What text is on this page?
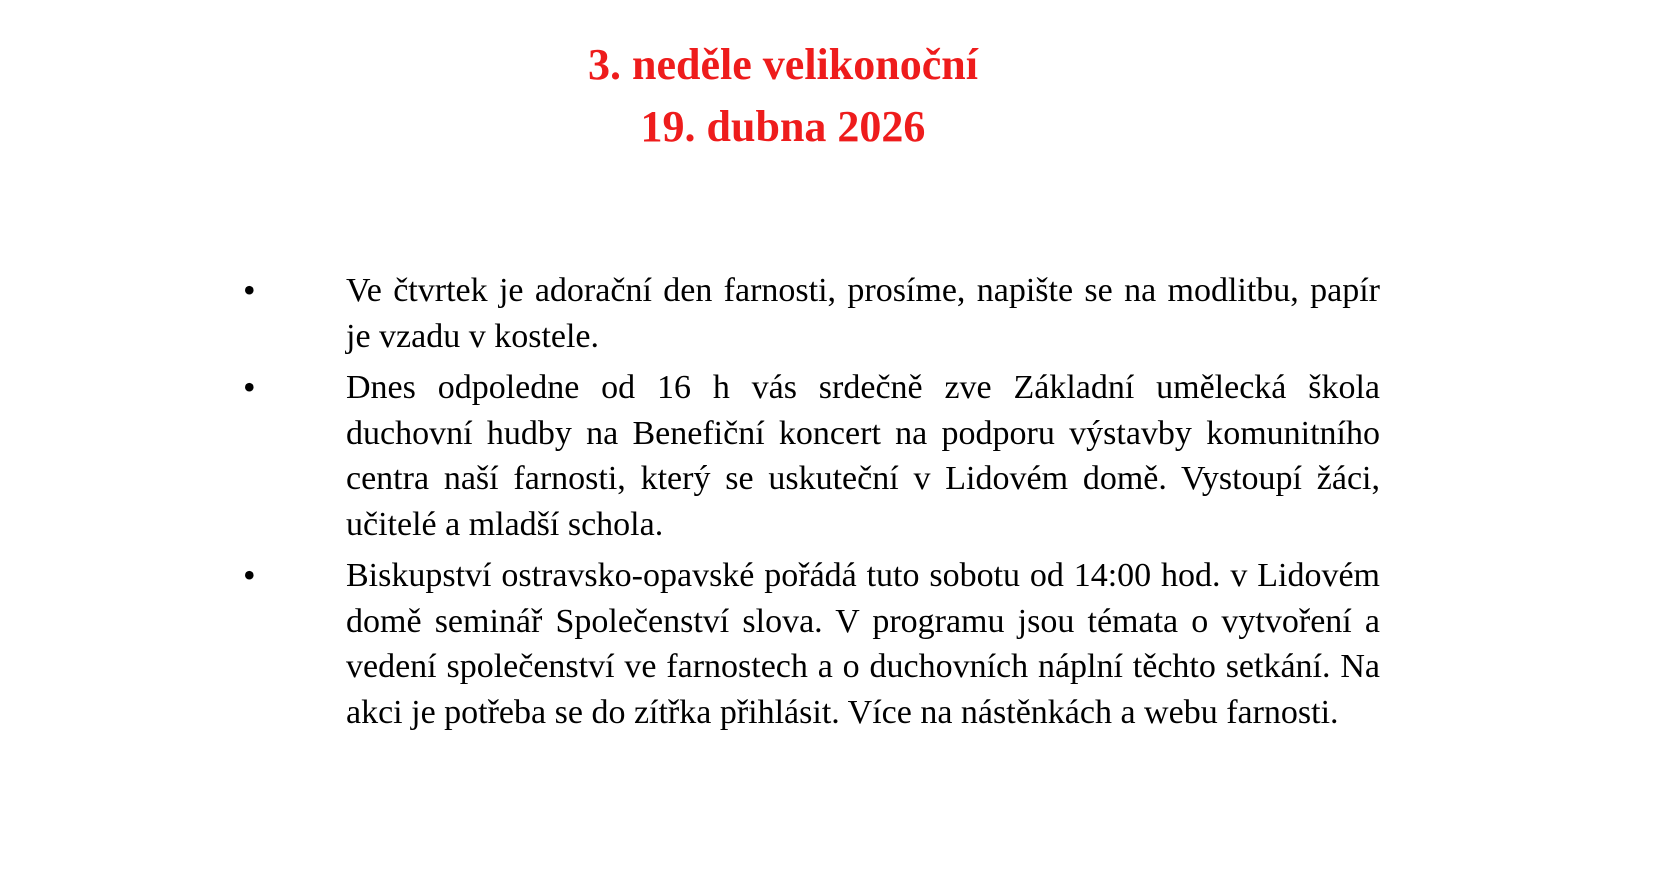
3. neděle velikonoční
19. dubna 2026
•	Ve čtvrtek je adorační den farnosti, prosíme, napište se na modlitbu, papír je vzadu v kostele.
•	Dnes odpoledne od 16 h vás srdečně zve Základní umělecká škola duchovní hudby na Benefiční koncert na podporu výstavby komunitního centra naší farnosti, který se uskuteční v Lidovém domě. Vystoupí žáci, učitelé a mladší schola.
•	Biskupství ostravsko-opavské pořádá tuto sobotu od 14:00 hod. v Lidovém domě seminář Společenství slova. V programu jsou témata o vytvoření a vedení společenství ve farnostech a o duchovních náplní těchto setkání. Na akci je potřeba se do zítřka přihlásit. Více na nástěnkách a webu farnosti.
